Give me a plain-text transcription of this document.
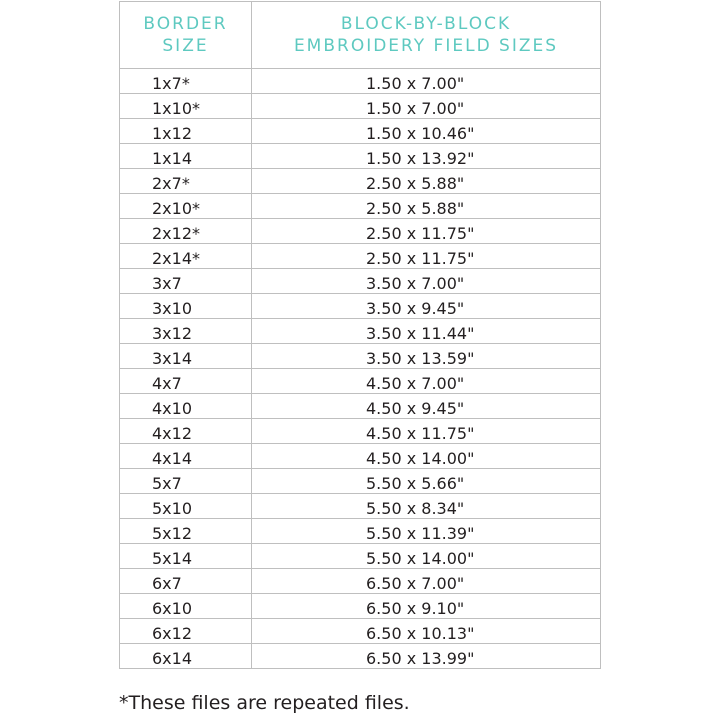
BORDER
SIZE	BLOCK-BY-BLOCK
EMBROIDERY FIELD SIZES
1x7*	1.50 x 7.00"
1x10*	1.50 x 7.00"
1x12	1.50 x 10.46"
1x14	1.50 x 13.92"
2x7*	2.50 x 5.88"
2x10*	2.50 x 5.88"
2x12*	2.50 x 11.75"
2x14*	2.50 x 11.75"
3x7	3.50 x 7.00"
3x10	3.50 x 9.45"
3x12	3.50 x 11.44"
3x14	3.50 x 13.59"
4x7	4.50 x 7.00"
4x10	4.50 x 9.45"
4x12	4.50 x 11.75"
4x14	4.50 x 14.00"
5x7	5.50 x 5.66"
5x10	5.50 x 8.34"
5x12	5.50 x 11.39"
5x14	5.50 x 14.00"
6x7	6.50 x 7.00"
6x10	6.50 x 9.10"
6x12	6.50 x 10.13"
6x14	6.50 x 13.99"
*These files are repeated files.
